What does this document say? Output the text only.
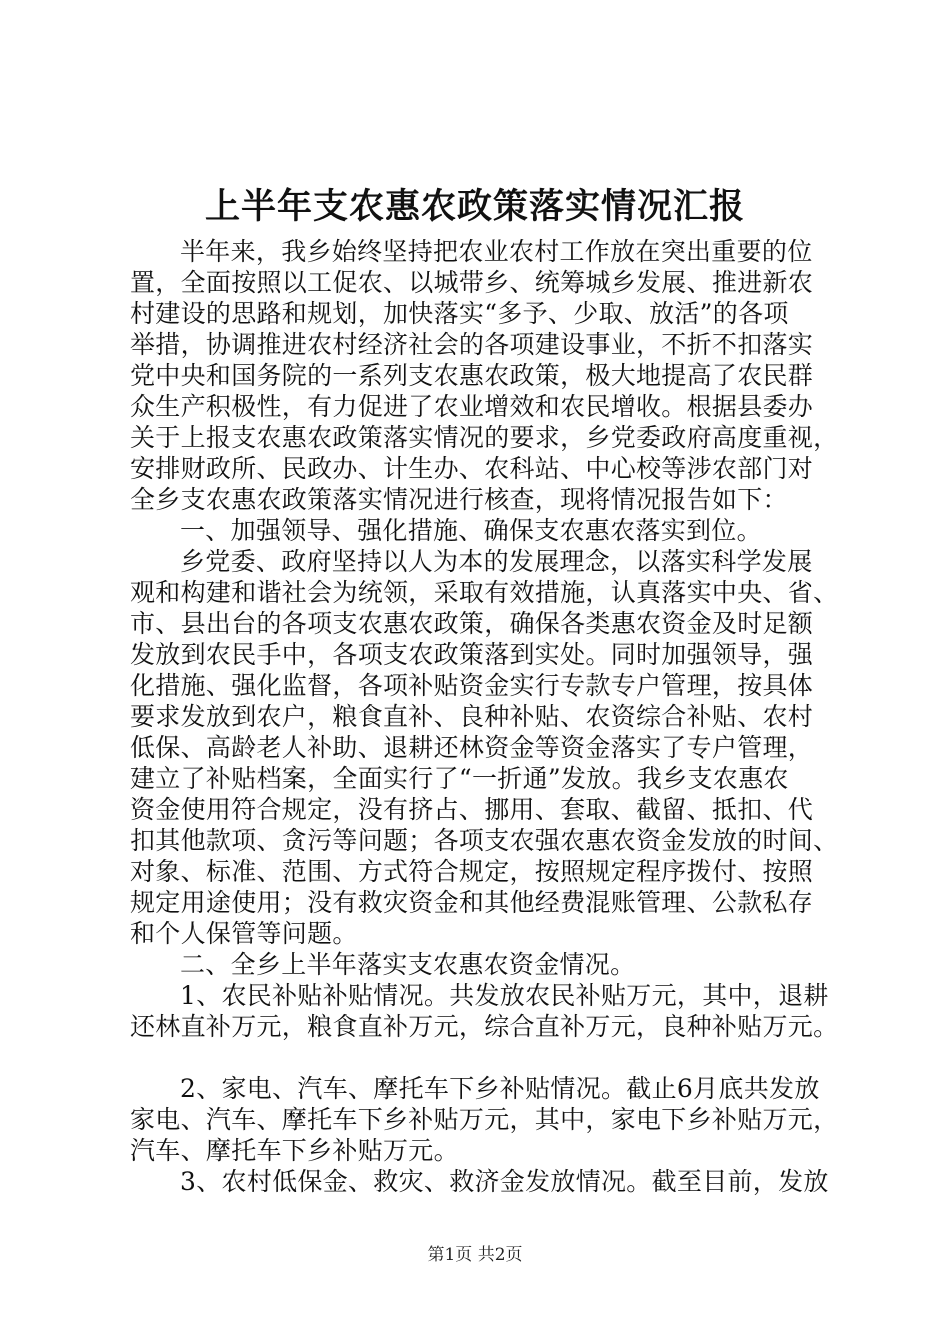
上半年支农惠农政策落实情况汇报
半年来，我乡始终坚持把农业农村工作放在突出重要的位
置，全面按照以工促农、以城带乡、统筹城乡发展、推进新农
村建设的思路和规划，加快落实“多予、少取、放活”的各项
举措，协调推进农村经济社会的各项建设事业，不折不扣落实
党中央和国务院的一系列支农惠农政策，极大地提高了农民群
众生产积极性，有力促进了农业增效和农民增收。根据县委办
关于上报支农惠农政策落实情况的要求，乡党委政府高度重视，
安排财政所、民政办、计生办、农科站、中心校等涉农部门对
全乡支农惠农政策落实情况进行核查，现将情况报告如下：
一、加强领导、强化措施、确保支农惠农落实到位。
乡党委、政府坚持以人为本的发展理念，以落实科学发展
观和构建和谐社会为统领，采取有效措施，认真落实中央、省、
市、县出台的各项支农惠农政策，确保各类惠农资金及时足额
发放到农民手中，各项支农政策落到实处。同时加强领导，强
化措施、强化监督，各项补贴资金实行专款专户管理，按具体
要求发放到农户，粮食直补、良种补贴、农资综合补贴、农村
低保、高龄老人补助、退耕还林资金等资金落实了专户管理，
建立了补贴档案，全面实行了“一折通”发放。我乡支农惠农
资金使用符合规定，没有挤占、挪用、套取、截留、抵扣、代
扣其他款项、贪污等问题；各项支农强农惠农资金发放的时间、
对象、标准、范围、方式符合规定，按照规定程序拨付、按照
规定用途使用；没有救灾资金和其他经费混账管理、公款私存
和个人保管等问题。
二、全乡上半年落实支农惠农资金情况。
1、农民补贴补贴情况。共发放农民补贴万元，其中，退耕
还林直补万元，粮食直补万元，综合直补万元，良种补贴万元。
2、家电、汽车、摩托车下乡补贴情况。截止6月底共发放
家电、汽车、摩托车下乡补贴万元，其中，家电下乡补贴万元，
汽车、摩托车下乡补贴万元。
3、农村低保金、救灾、救济金发放情况。截至目前，发放
第1页 共2页
